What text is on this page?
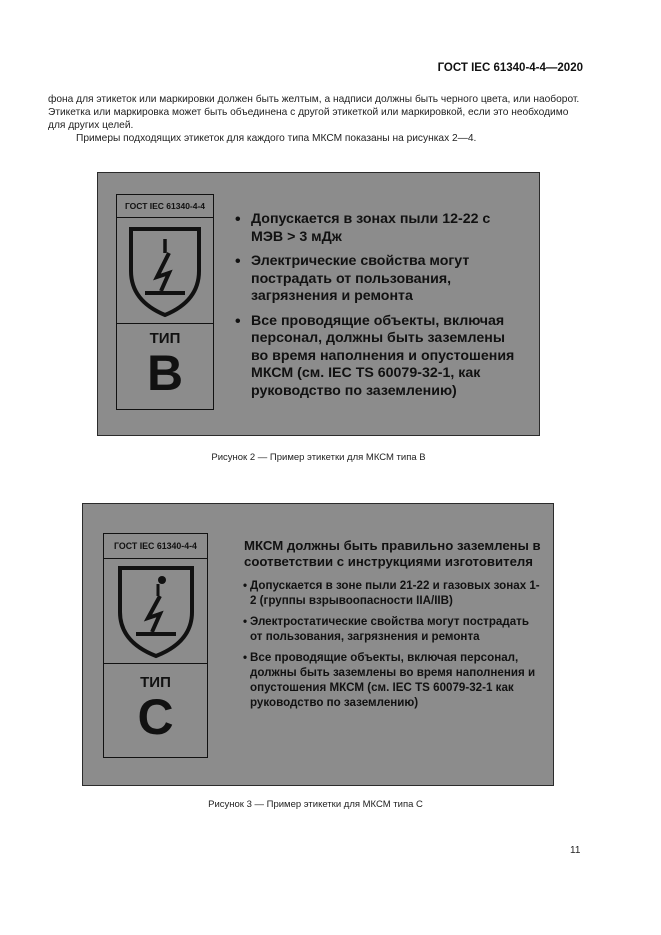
ГОСТ IEC 61340-4-4—2020
фона для этикеток или маркировки должен быть желтым, а надписи должны быть черного цвета, или наоборот. Этикетка или маркировка может быть объединена с другой этикеткой или маркировкой, если это необходимо для других целей.
Примеры подходящих этикеток для каждого типа МКСМ показаны на рисунках 2—4.
ГОСТ IEC 61340-4-4
ТИП
B
• Допускается в зонах пыли 12-22 с МЭВ > 3 мДж
• Электрические свойства могут пострадать от пользования, загрязнения и ремонта
• Все проводящие объекты, включая персонал, должны быть заземлены во время наполнения и опустошения МКСМ (см. IEC TS 60079-32-1, как руководство по заземлению)
Рисунок 2 — Пример этикетки для МКСМ типа B
ГОСТ IEC 61340-4-4
ТИП
C
МКСМ должны быть правильно заземлены в соответствии с инструкциями изготовителя
• Допускается в зоне пыли 21-22 и газовых зонах 1-2 (группы взрывоопасности IIA/IIB)
• Электростатические свойства могут пострадать от пользования, загрязнения и ремонта
• Все проводящие объекты, включая персонал, должны быть заземлены во время наполнения и опустошения МКСМ (см. IEC TS 60079-32-1 как руководство по заземлению)
Рисунок 3 — Пример этикетки для МКСМ типа C
11
